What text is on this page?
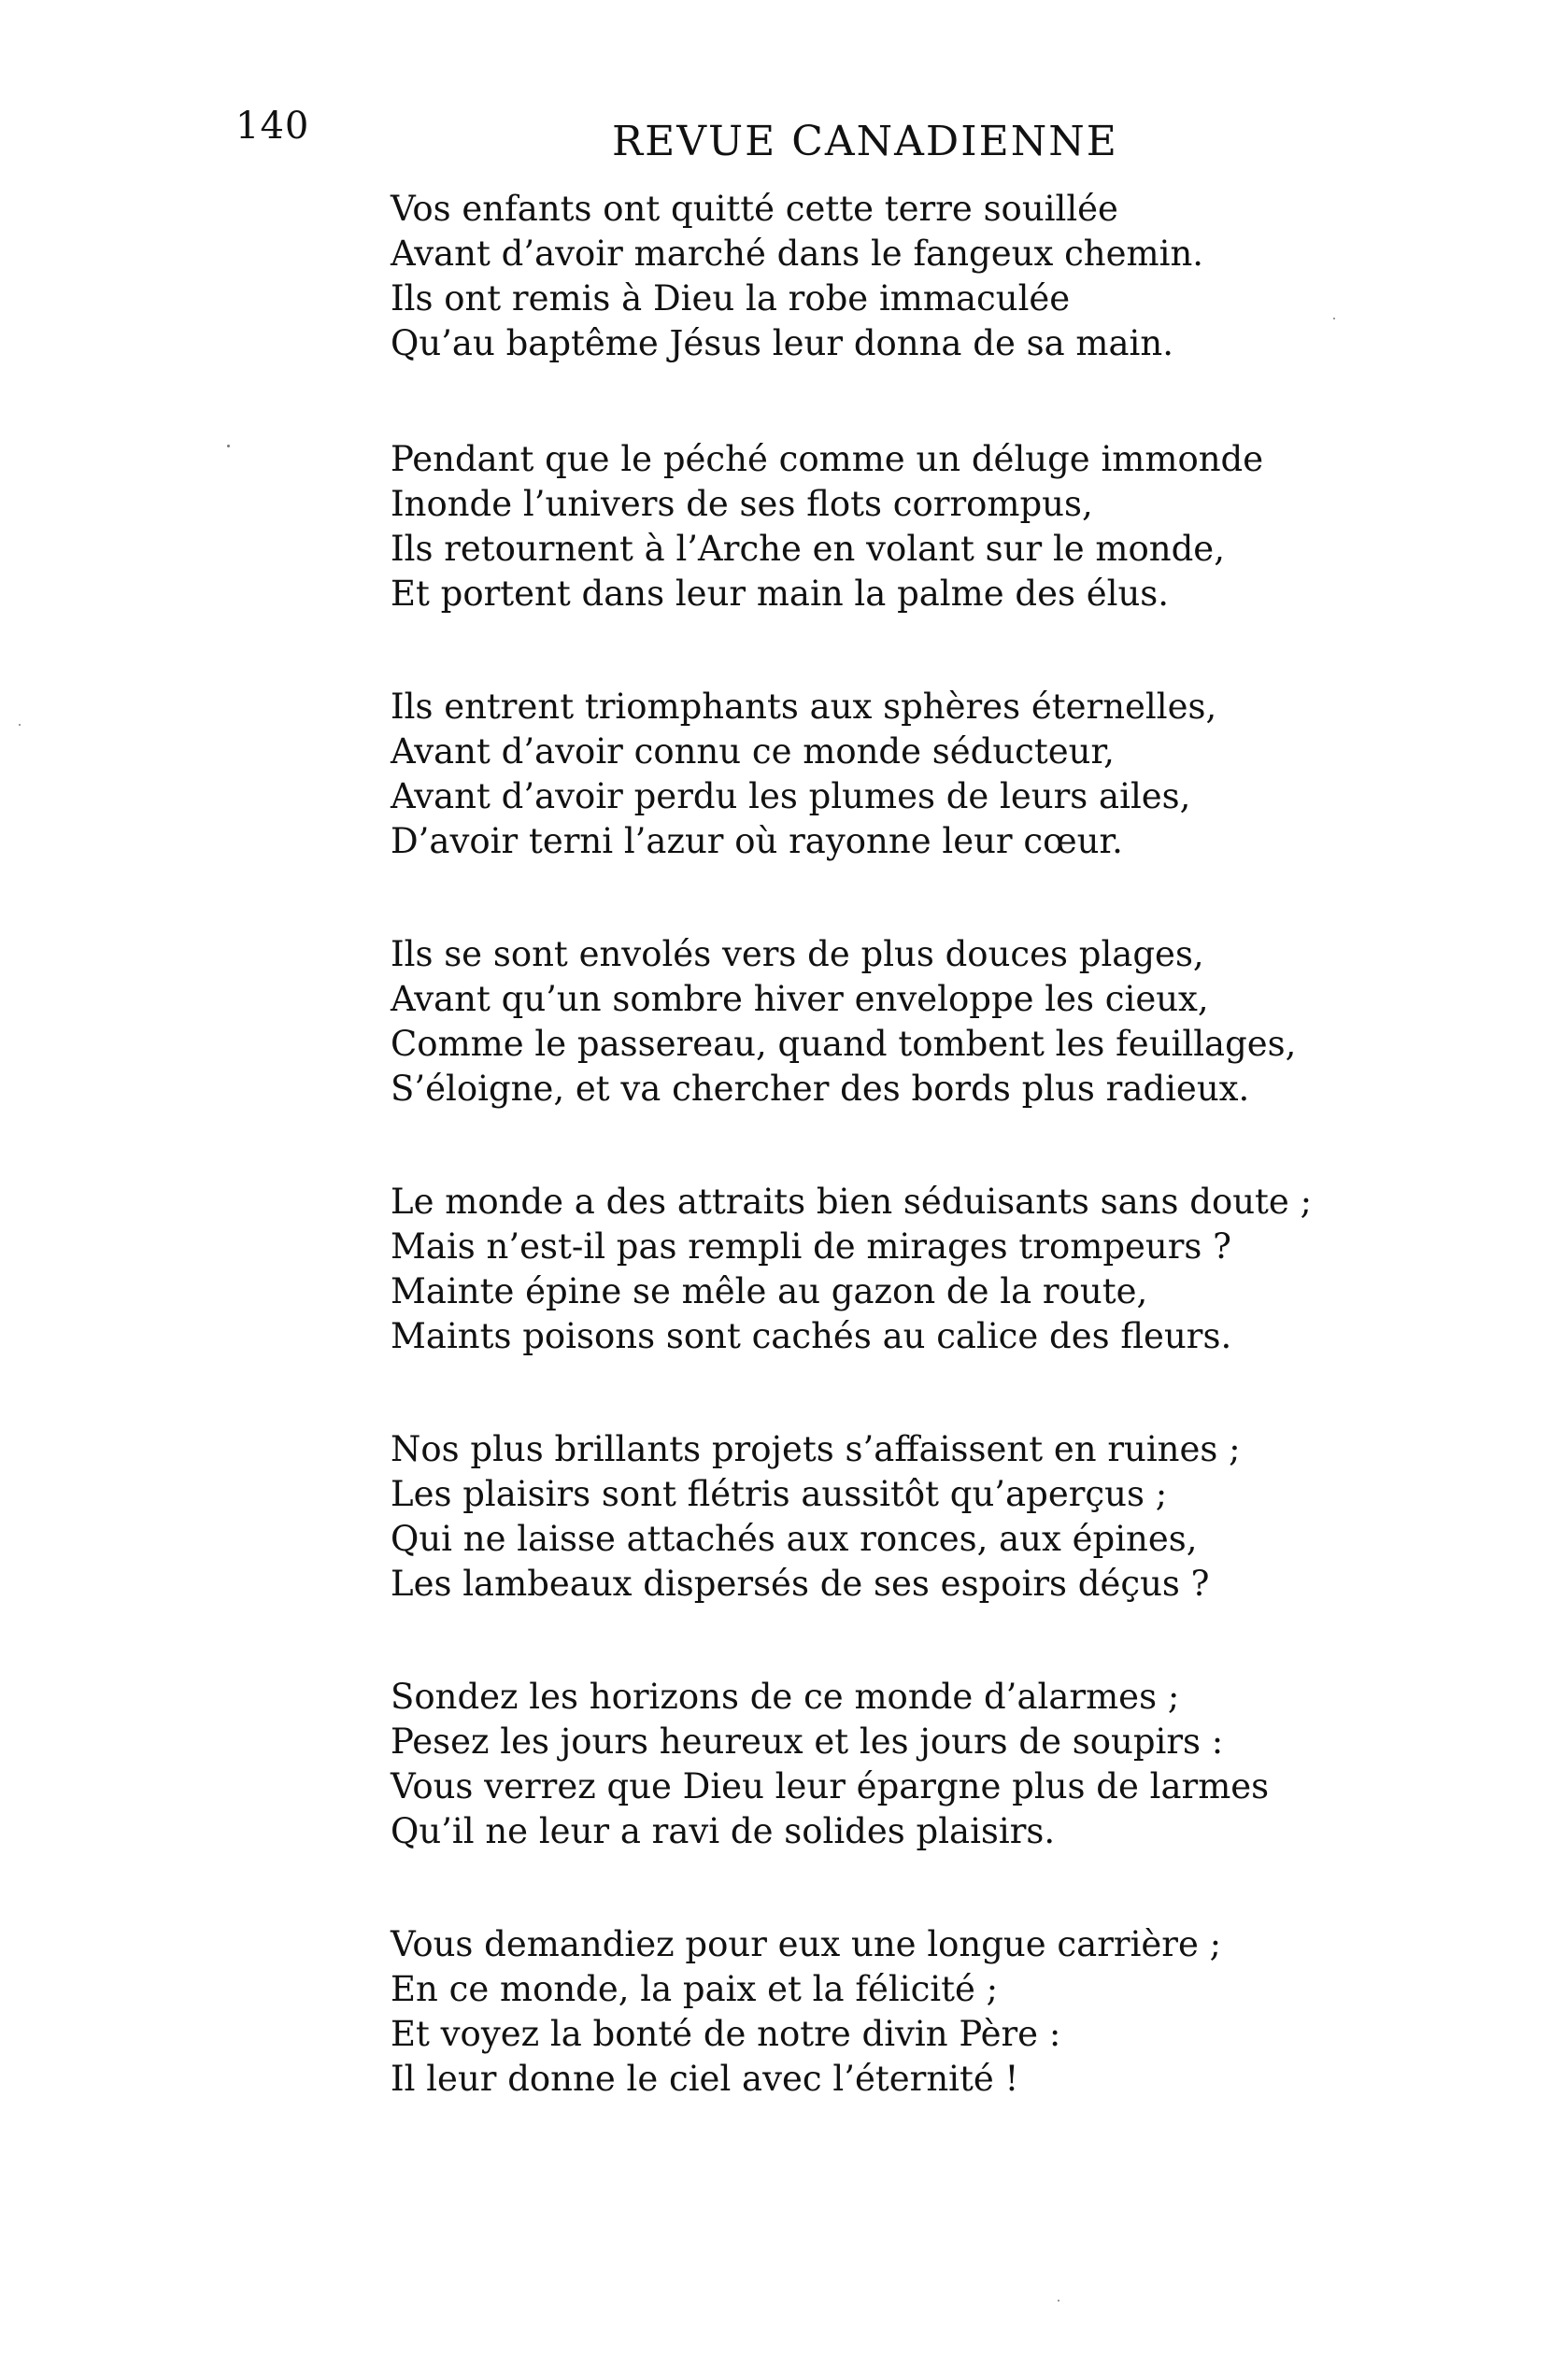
140	REVUE CANADIENNE
Vos enfants ont quitté cette terre souillée
Avant d’avoir marché dans le fangeux chemin.
Ils ont remis à Dieu la robe immaculée
Qu’au baptême Jésus leur donna de sa main.
Pendant que le péché comme un déluge immonde
Inonde l’univers de ses flots corrompus,
Ils retournent à l’Arche en volant sur le monde,
Et portent dans leur main la palme des élus.
Ils entrent triomphants aux sphères éternelles,
Avant d’avoir connu ce monde séducteur,
Avant d’avoir perdu les plumes de leurs ailes,
D’avoir terni l’azur où rayonne leur cœur.
Ils se sont envolés vers de plus douces plages,
Avant qu’un sombre hiver enveloppe les cieux,
Comme le passereau, quand tombent les feuillages,
S’éloigne, et va chercher des bords plus radieux.
Le monde a des attraits bien séduisants sans doute ;
Mais n’est-il pas rempli de mirages trompeurs ?
Mainte épine se mêle au gazon de la route,
Maints poisons sont cachés au calice des fleurs.
Nos plus brillants projets s’affaissent en ruines ;
Les plaisirs sont flétris aussitôt qu’aperçus ;
Qui ne laisse attachés aux ronces, aux épines,
Les lambeaux dispersés de ses espoirs déçus ?
Sondez les horizons de ce monde d’alarmes ;
Pesez les jours heureux et les jours de soupirs :
Vous verrez que Dieu leur épargne plus de larmes
Qu’il ne leur a ravi de solides plaisirs.
Vous demandiez pour eux une longue carrière ;
En ce monde, la paix et la félicité ;
Et voyez la bonté de notre divin Père :
Il leur donne le ciel avec l’éternité !
